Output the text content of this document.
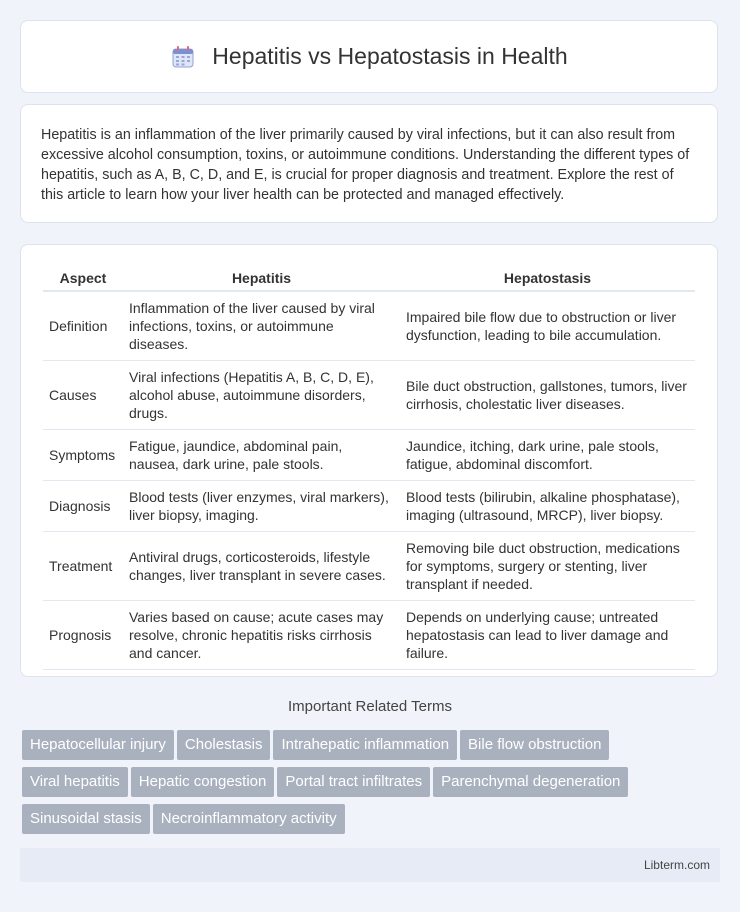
Hepatitis vs Hepatostasis in Health

Hepatitis is an inflammation of the liver primarily caused by viral infections, but it can also result from excessive alcohol consumption, toxins, or autoimmune conditions. Understanding the different types of hepatitis, such as A, B, C, D, and E, is crucial for proper diagnosis and treatment. Explore the rest of this article to learn how your liver health can be protected and managed effectively.

Aspect	Hepatitis	Hepatostasis
Definition	Inflammation of the liver caused by viral infections, toxins, or autoimmune diseases.	Impaired bile flow due to obstruction or liver dysfunction, leading to bile accumulation.
Causes	Viral infections (Hepatitis A, B, C, D, E), alcohol abuse, autoimmune disorders, drugs.	Bile duct obstruction, gallstones, tumors, liver cirrhosis, cholestatic liver diseases.
Symptoms	Fatigue, jaundice, abdominal pain, nausea, dark urine, pale stools.	Jaundice, itching, dark urine, pale stools, fatigue, abdominal discomfort.
Diagnosis	Blood tests (liver enzymes, viral markers), liver biopsy, imaging.	Blood tests (bilirubin, alkaline phosphatase), imaging (ultrasound, MRCP), liver biopsy.
Treatment	Antiviral drugs, corticosteroids, lifestyle changes, liver transplant in severe cases.	Removing bile duct obstruction, medications for symptoms, surgery or stenting, liver transplant if needed.
Prognosis	Varies based on cause; acute cases may resolve, chronic hepatitis risks cirrhosis and cancer.	Depends on underlying cause; untreated hepatostasis can lead to liver damage and failure.
Important Related Terms
Hepatocellular injury Cholestasis Intrahepatic inflammation Bile flow obstruction
Viral hepatitis Hepatic congestion Portal tract infiltrates Parenchymal degeneration
Sinusoidal stasis Necroinflammatory activity
Libterm.com
